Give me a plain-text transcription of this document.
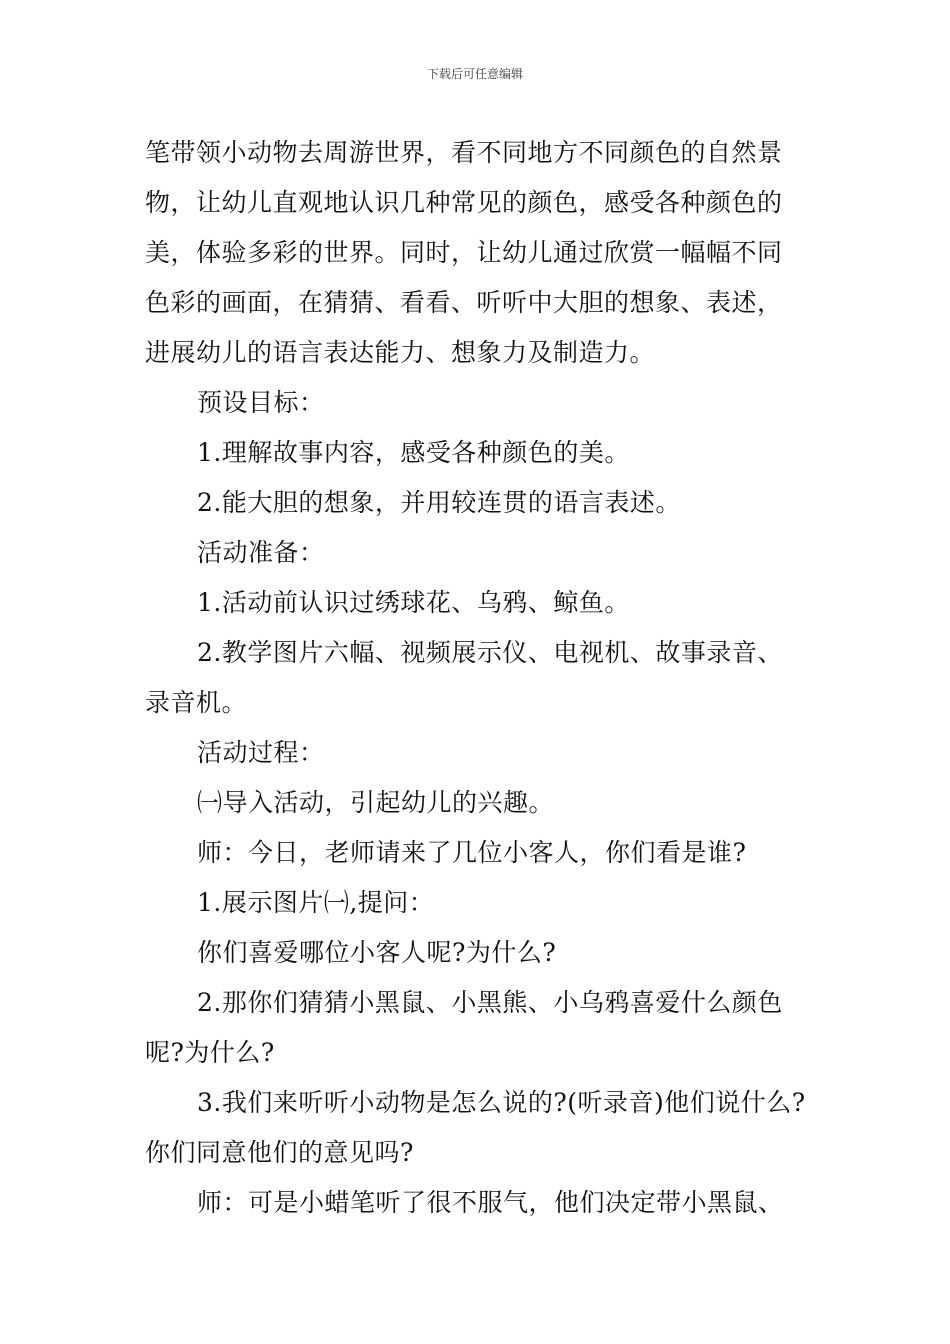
下载后可任意编辑
笔带领小动物去周游世界，看不同地方不同颜色的自然景
物，让幼儿直观地认识几种常见的颜色，感受各种颜色的
美，体验多彩的世界。同时，让幼儿通过欣赏一幅幅不同
色彩的画面，在猜猜、看看、听听中大胆的想象、表述，
进展幼儿的语言表达能力、想象力及制造力。
预设目标：
1.理解故事内容，感受各种颜色的美。
2.能大胆的想象，并用较连贯的语言表述。
活动准备：
1.活动前认识过绣球花、乌鸦、鲸鱼。
2.教学图片六幅、视频展示仪、电视机、故事录音、
录音机。
活动过程：
㈠导入活动，引起幼儿的兴趣。
师：今日，老师请来了几位小客人，你们看是谁?
1.展示图片㈠,提问：
你们喜爱哪位小客人呢?为什么?
2.那你们猜猜小黑鼠、小黑熊、小乌鸦喜爱什么颜色
呢?为什么?
3.我们来听听小动物是怎么说的?(听录音)他们说什么?
你们同意他们的意见吗?
师：可是小蜡笔听了很不服气，他们决定带小黑鼠、
